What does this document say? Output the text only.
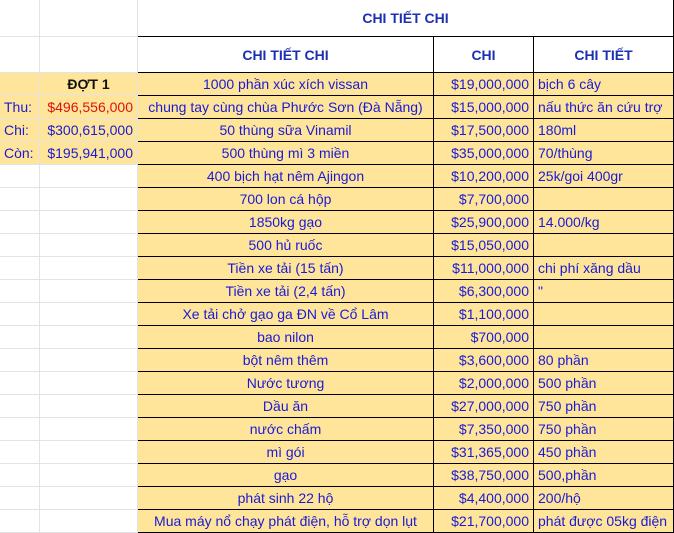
CHI TIẾT CHI
CHI TIẾT CHI	CHI	CHI TIẾT
ĐỢT 1
Thu:	$496,556,000
Chi:	$300,615,000
Còn: $195,941,000
1000 phần xúc xích vissan	$19,000,000 bịch 6 cây
chung tay cùng chùa Phước Sơn (Đà Nẵng)	$15,000,000 nấu thức ăn cứu trợ
50 thùng sữa Vinamil	$17,500,000 180ml
500 thùng mì 3 miền	$35,000,000 70/thùng
400 bịch hạt nêm Ajingon	$10,200,000 25k/goi 400gr
700 lon cá hộp	$7,700,000
1850kg gạo	$25,900,000 14.000/kg
500 hủ ruốc	$15,050,000
Tiền xe tải (15 tấn)	$11,000,000 chi phí xăng dầu
Tiền xe tải (2,4 tấn)	$6,300,000 "
Xe tải chở gạo ga ĐN về Cổ Lâm	$1,100,000
bao nilon	$700,000
bột nêm thêm	$3,600,000 80 phần
Nước tương	$2,000,000 500 phần
Dầu ăn	$27,000,000 750 phần
nước chấm	$7,350,000 750 phần
mì gói	$31,365,000 450 phần
gạo	$38,750,000 500,phần
phát sinh 22 hộ	$4,400,000 200/hộ
Mua máy nổ chạy phát điện, hỗ trợ dọn lụt	$21,700,000 phát được 05kg điện
